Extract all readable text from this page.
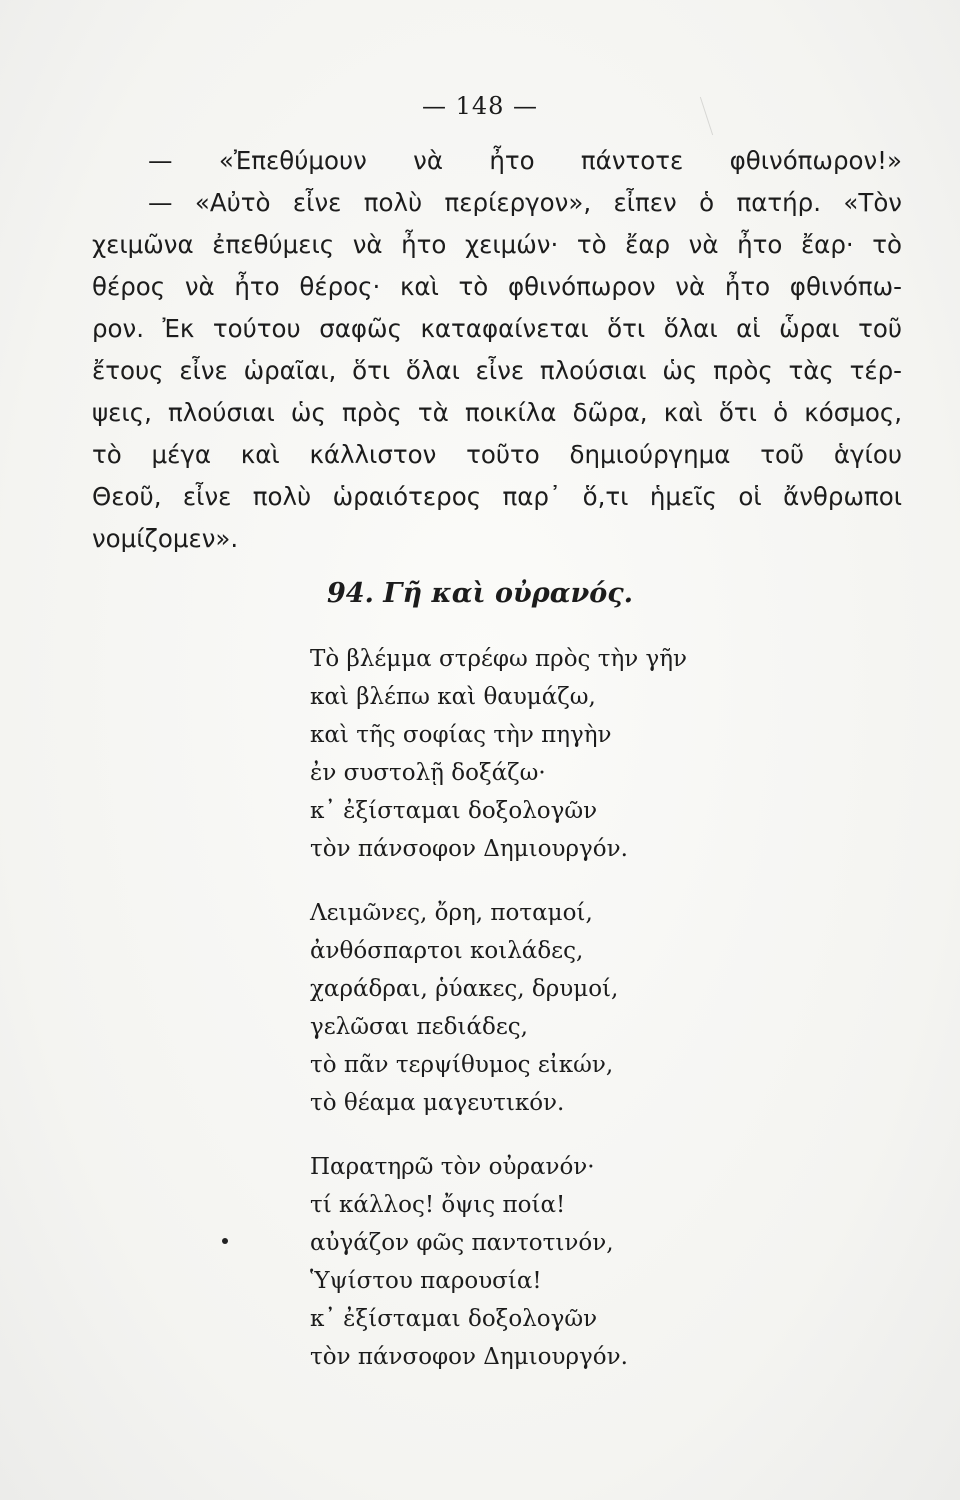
— 148 —
— «Ἐπεθύμουν νὰ ἦτο πάντοτε φθινόπωρον!»
— «Αὐτὸ εἶνε πολὺ περίεργον», εἶπεν ὁ πατήρ. «Τὸν
χειμῶνα ἐπεθύμεις νὰ ἦτο χειμών· τὸ ἔαρ νὰ ἦτο ἔαρ· τὸ
θέρος νὰ ἦτο θέρος· καὶ τὸ φθινόπωρον νὰ ἦτο φθινόπω-
ρον. Ἐκ τούτου σαφῶς καταφαίνεται ὅτι ὅλαι αἱ ὧραι τοῦ
ἔτους εἶνε ὡραῖαι, ὅτι ὅλαι εἶνε πλούσιαι ὡς πρὸς τὰς τέρ-
ψεις, πλούσιαι ὡς πρὸς τὰ ποικίλα δῶρα, καὶ ὅτι ὁ κόσμος,
τὸ μέγα καὶ κάλλιστον τοῦτο δημιούργημα τοῦ ἁγίου
Θεοῦ, εἶνε πολὺ ὡραιότερος παρ᾽ ὅ,τι ἡμεῖς οἱ ἄνθρωποι
νομίζομεν».
94. Γῆ καὶ οὐρανός.
Τὸ βλέμμα στρέφω πρὸς τὴν γῆν
καὶ βλέπω καὶ θαυμάζω,
καὶ τῆς σοφίας τὴν πηγὴν
ἐν συστολῇ δοξάζω·
κ᾽ ἐξίσταμαι δοξολογῶν
τὸν πάνσοφον Δημιουργόν.
Λειμῶνες, ὄρη, ποταμοί,
ἀνθόσπαρτοι κοιλάδες,
χαράδραι, ῥύακες, δρυμοί,
γελῶσαι πεδιάδες,
τὸ πᾶν τερψίθυμος εἰκών,
τὸ θέαμα μαγευτικόν.
Παρατηρῶ τὸν οὐρανόν·
τί κάλλος! ὄψις ποία!
αὐγάζον φῶς παντοτινόν,
Ὑψίστου παρουσία!
κ᾽ ἐξίσταμαι δοξολογῶν
τὸν πάνσοφον Δημιουργόν.
